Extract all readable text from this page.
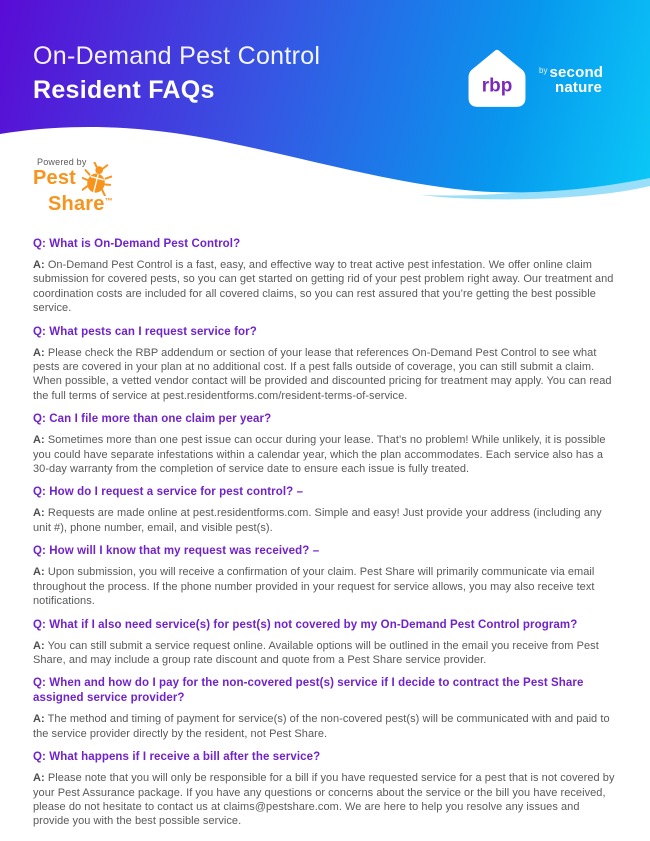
On-Demand Pest Control
Resident FAQs	rbp
by second
nature
Powered by
Pest
Share™
Q: What is On-Demand Pest Control?

A: On-Demand Pest Control is a fast, easy, and effective way to treat active pest infestation. We offer online claim submission for covered pests, so you can get started on getting rid of your pest problem right away. Our treatment and coordination costs are included for all covered claims, so you can rest assured that you’re getting the best possible service.

Q: What pests can I request service for?

A: Please check the RBP addendum or section of your lease that references On-Demand Pest Control to see what pests are covered in your plan at no additional cost. If a pest falls outside of coverage, you can still submit a claim. When possible, a vetted vendor contact will be provided and discounted pricing for treatment may apply. You can read the full terms of service at pest.residentforms.com/resident-terms-of-service.

Q: Can I file more than one claim per year?

A: Sometimes more than one pest issue can occur during your lease. That’s no problem! While unlikely, it is possible you could have separate infestations within a calendar year, which the plan accommodates. Each service also has a 30-day warranty from the completion of service date to ensure each issue is fully treated.

Q: How do I request a service for pest control? –

A: Requests are made online at pest.residentforms.com. Simple and easy! Just provide your address (including any unit #), phone number, email, and visible pest(s).

Q: How will I know that my request was received? –

A: Upon submission, you will receive a confirmation of your claim. Pest Share will primarily communicate via email throughout the process. If the phone number provided in your request for service allows, you may also receive text notifications.

Q: What if I also need service(s) for pest(s) not covered by my On-Demand Pest Control program?

A: You can still submit a service request online. Available options will be outlined in the email you receive from Pest Share, and may include a group rate discount and quote from a Pest Share service provider.

Q: When and how do I pay for the non-covered pest(s) service if I decide to contract the Pest Share assigned service provider?

A: The method and timing of payment for service(s) of the non-covered pest(s) will be communicated with and paid to the service provider directly by the resident, not Pest Share.

Q: What happens if I receive a bill after the service?

A: Please note that you will only be responsible for a bill if you have requested service for a pest that is not covered by your Pest Assurance package. If you have any questions or concerns about the service or the bill you have received, please do not hesitate to contact us at claims@pestshare.com. We are here to help you resolve any issues and provide you with the best possible service.
